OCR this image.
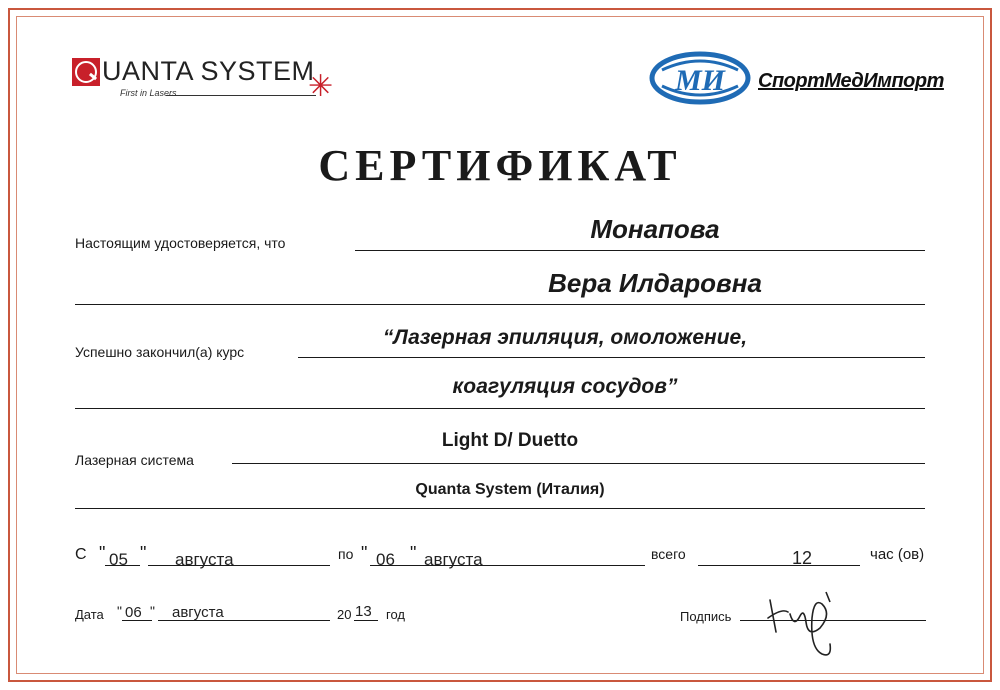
UANTA SYSTEM
First in Lasers	✳	МИ СпортМедИмпорт
СЕРТИФИКАТ
Настоящим удостоверяется, что	Монапова
Вера Илдаровна
Успешно закончил(а) курс
“Лазерная эпиляция, омоложение,
коагуляция сосудов”
Лазерная система
Light D/ Duetto
Quanta System (Италия)
С " 05 " августа	по " 06 " августа	всего	12	час (ов)
Дата " 06 " августа	20 13 год	Подпись
